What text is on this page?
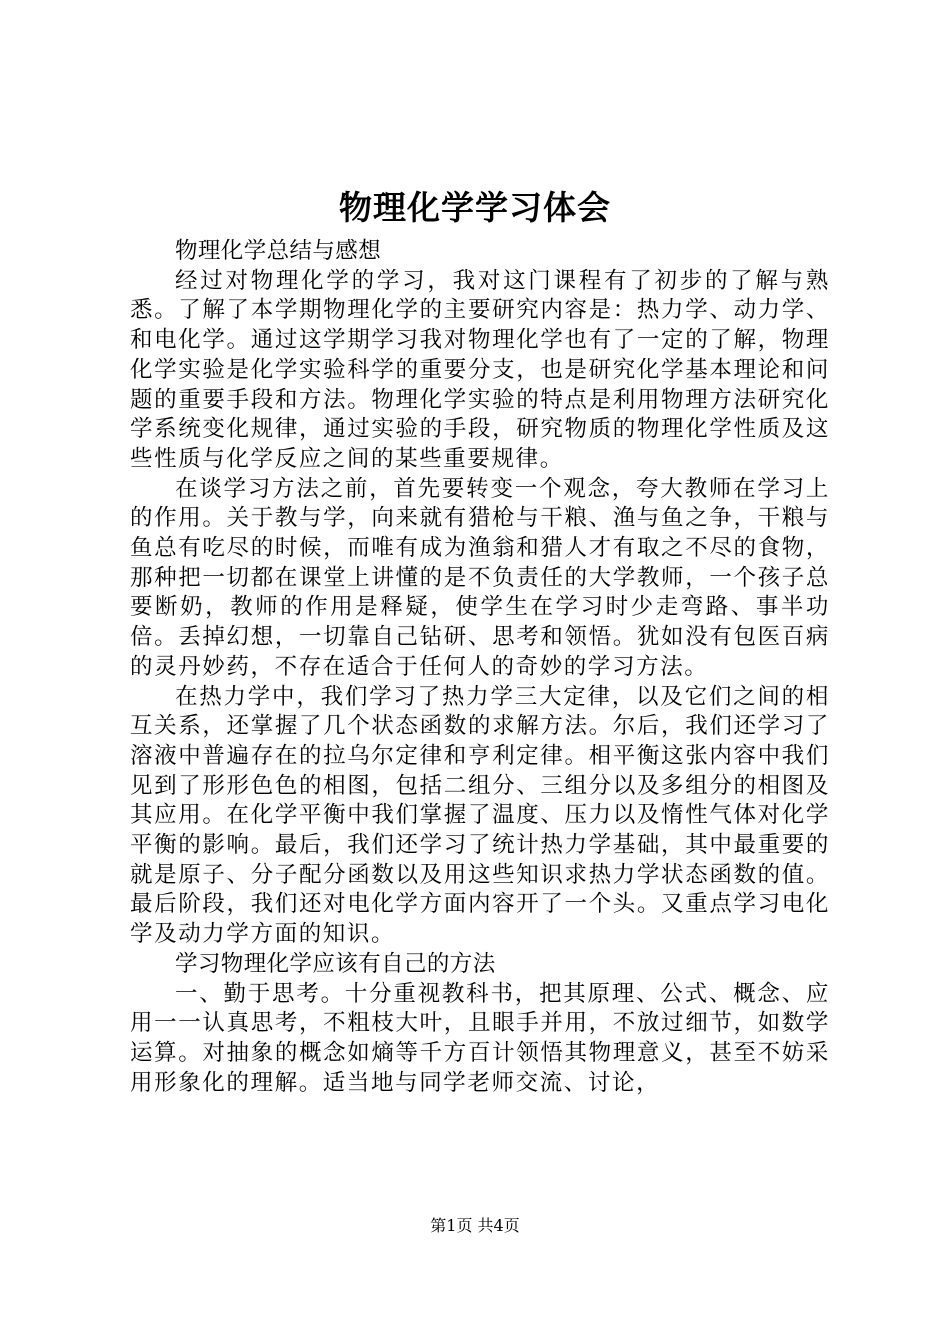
物理化学学习体会

物理化学总结与感想

经过对物理化学的学习，我对这门课程有了初步的了解与熟悉。了解了本学期物理化学的主要研究内容是：热力学、动力学、和电化学。通过这学期学习我对物理化学也有了一定的了解，物理化学实验是化学实验科学的重要分支，也是研究化学基本理论和问题的重要手段和方法。物理化学实验的特点是利用物理方法研究化学系统变化规律，通过实验的手段，研究物质的物理化学性质及这些性质与化学反应之间的某些重要规律。

在谈学习方法之前，首先要转变一个观念，夸大教师在学习上的作用。关于教与学，向来就有猎枪与干粮、渔与鱼之争，干粮与鱼总有吃尽的时候，而唯有成为渔翁和猎人才有取之不尽的食物，那种把一切都在课堂上讲懂的是不负责任的大学教师，一个孩子总要断奶，教师的作用是释疑，使学生在学习时少走弯路、事半功倍。丢掉幻想，一切靠自己钻研、思考和领悟。犹如没有包医百病的灵丹妙药，不存在适合于任何人的奇妙的学习方法。

在热力学中，我们学习了热力学三大定律，以及它们之间的相互关系，还掌握了几个状态函数的求解方法。尔后，我们还学习了溶液中普遍存在的拉乌尔定律和亨利定律。相平衡这张内容中我们见到了形形色色的相图，包括二组分、三组分以及多组分的相图及其应用。在化学平衡中我们掌握了温度、压力以及惰性气体对化学平衡的影响。最后，我们还学习了统计热力学基础，其中最重要的就是原子、分子配分函数以及用这些知识求热力学状态函数的值。最后阶段，我们还对电化学方面内容开了一个头。又重点学习电化学及动力学方面的知识。

学习物理化学应该有自己的方法

一、勤于思考。十分重视教科书，把其原理、公式、概念、应用一一认真思考，不粗枝大叶，且眼手并用，不放过细节，如数学运算。对抽象的概念如熵等千方百计领悟其物理意义，甚至不妨采用形象化的理解。适当地与同学老师交流、讨论，

第1页 共4页
